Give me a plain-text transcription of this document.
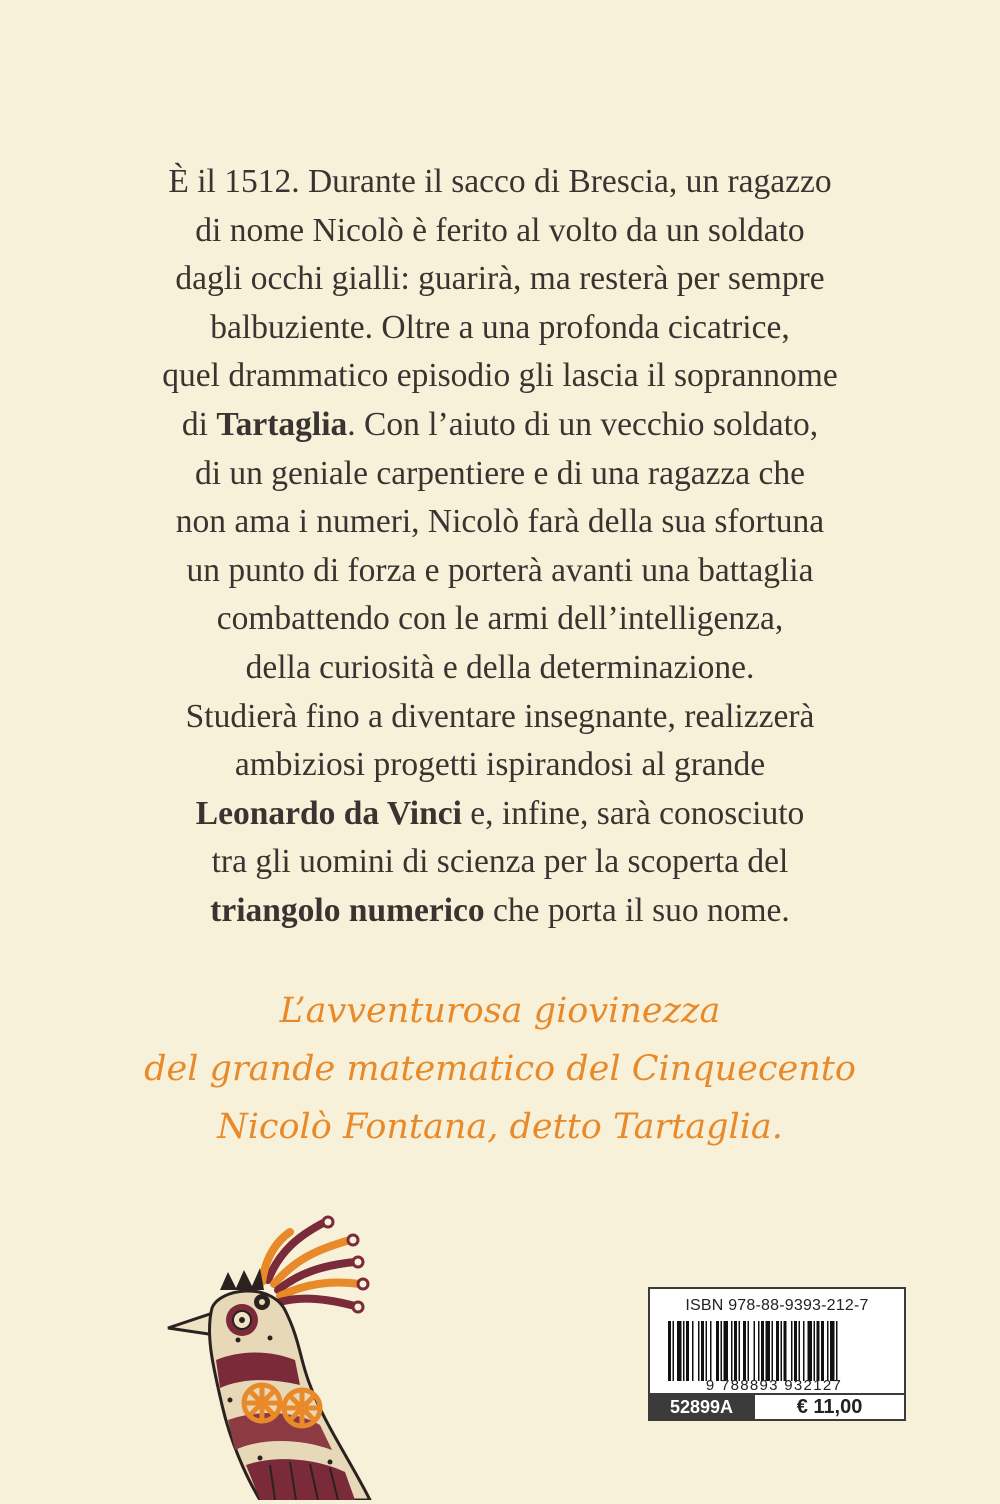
È il 1512. Durante il sacco di Brescia, un ragazzo
di nome Nicolò è ferito al volto da un soldato
dagli occhi gialli: guarirà, ma resterà per sempre
balbuziente. Oltre a una profonda cicatrice,
quel drammatico episodio gli lascia il soprannome
di Tartaglia. Con l’aiuto di un vecchio soldato,
di un geniale carpentiere e di una ragazza che
non ama i numeri, Nicolò farà della sua sfortuna
un punto di forza e porterà avanti una battaglia
combattendo con le armi dell’intelligenza,
della curiosità e della determinazione.
Studierà fino a diventare insegnante, realizzerà
ambiziosi progetti ispirandosi al grande
Leonardo da Vinci e, infine, sarà conosciuto
tra gli uomini di scienza per la scoperta del
triangolo numerico che porta il suo nome.
L’avventurosa giovinezza
del grande matematico del Cinquecento
Nicolò Fontana, detto Tartaglia.
ISBN 978-88-9393-212-7
9 788893 932127
52899A	€ 11,00
